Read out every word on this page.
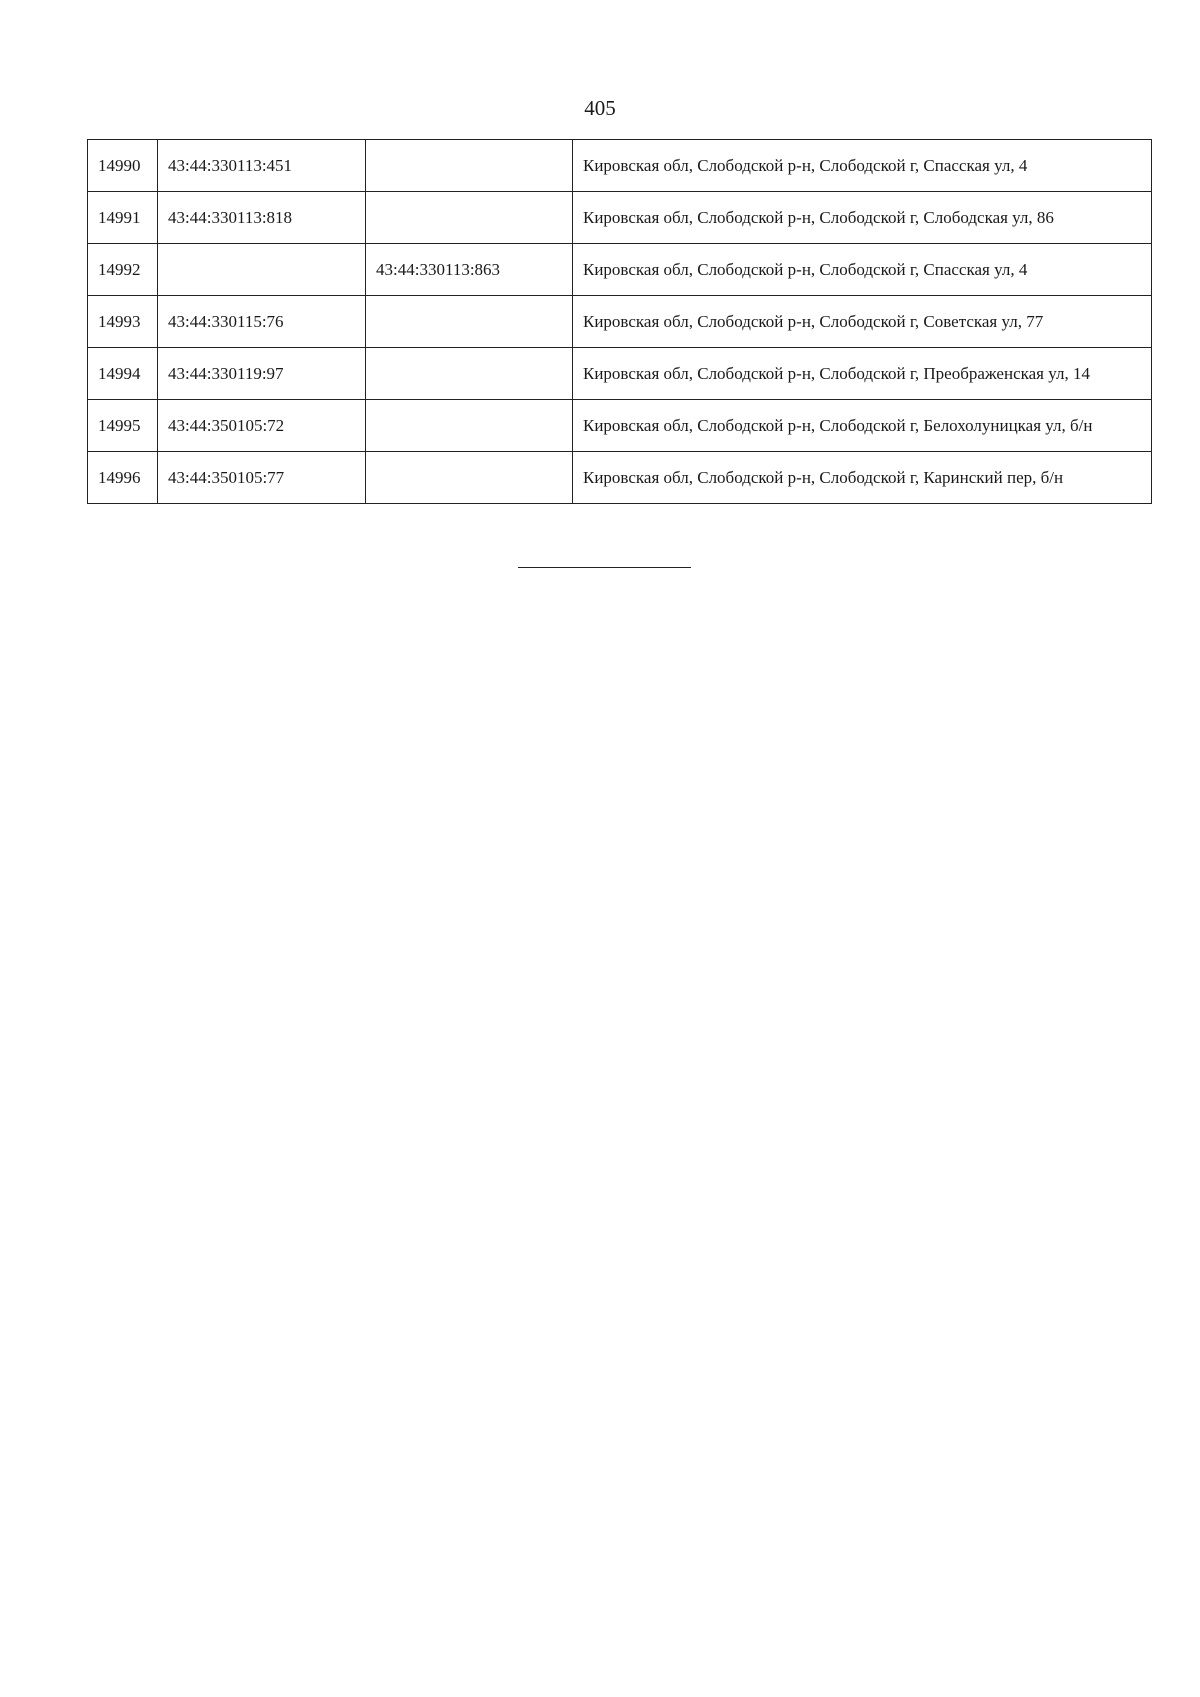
405
14990	43:44:330113:451		Кировская обл, Слободской р-н, Слободской г, Спасская ул, 4
14991	43:44:330113:818		Кировская обл, Слободской р-н, Слободской г, Слободская ул, 86
14992		43:44:330113:863	Кировская обл, Слободской р-н, Слободской г, Спасская ул, 4
14993	43:44:330115:76		Кировская обл, Слободской р-н, Слободской г, Советская ул, 77
14994	43:44:330119:97		Кировская обл, Слободской р-н, Слободской г, Преображенская ул, 14
14995	43:44:350105:72		Кировская обл, Слободской р-н, Слободской г, Белохолуницкая ул, б/н
14996	43:44:350105:77		Кировская обл, Слободской р-н, Слободской г, Каринский пер, б/н
